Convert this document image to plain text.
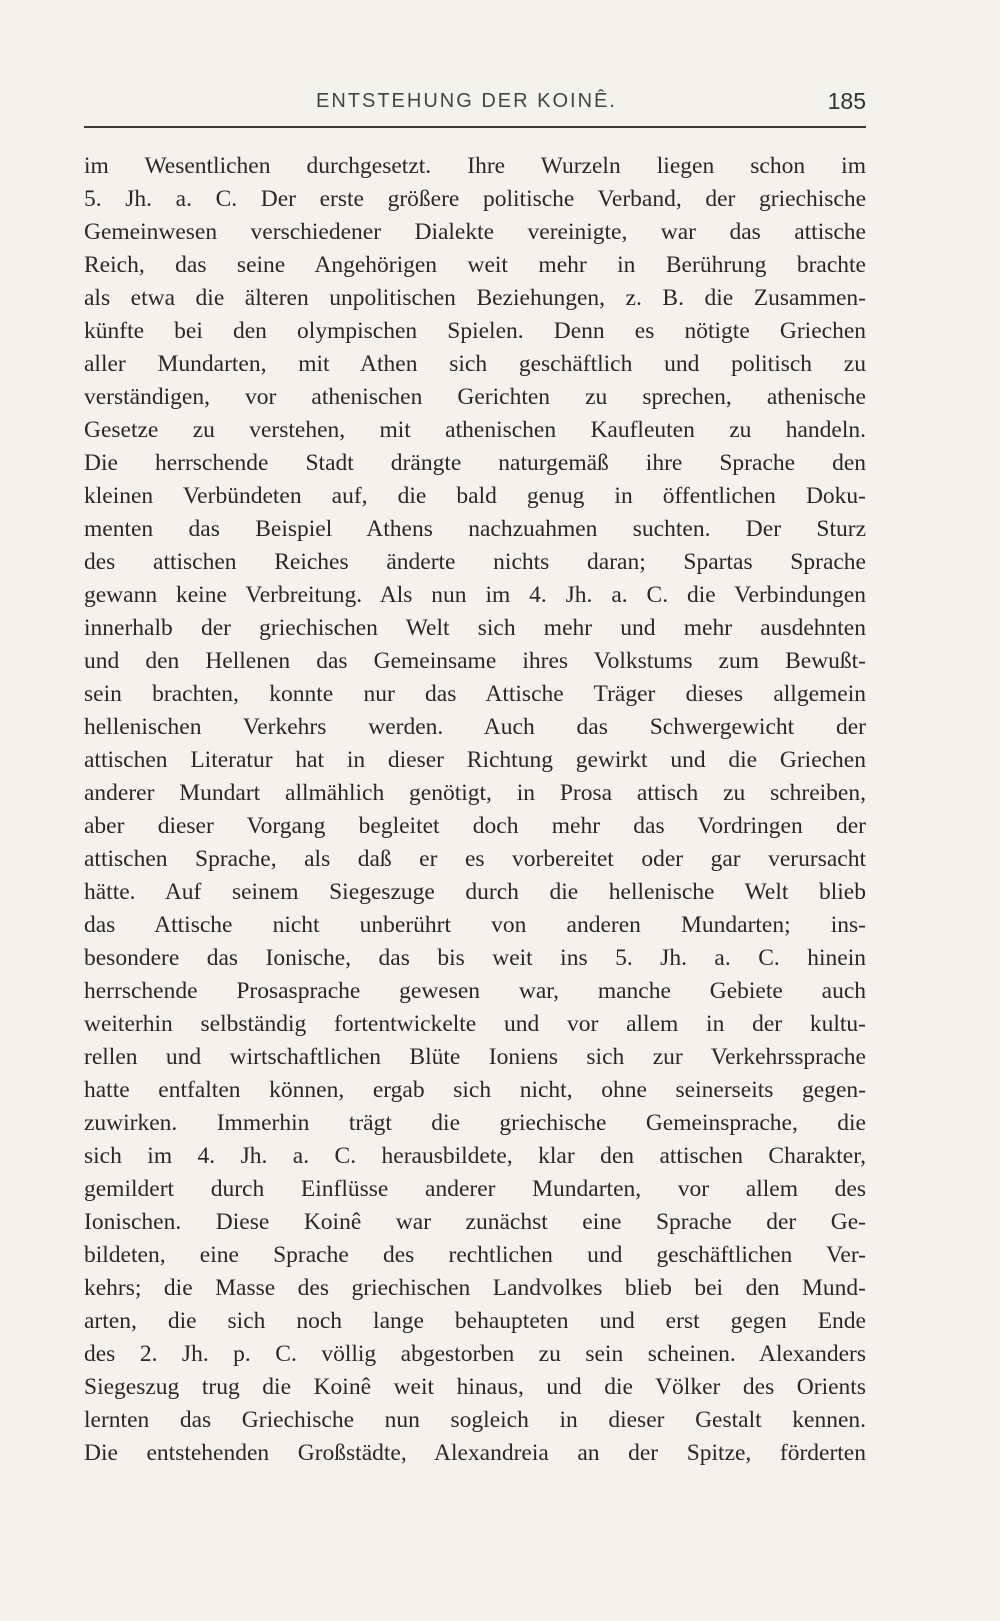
ENTSTEHUNG DER KOINÊ.	185
im Wesentlichen durchgesetzt. Ihre Wurzeln liegen schon im
5. Jh. a. C. Der erste größere politische Verband, der griechische
Gemeinwesen verschiedener Dialekte vereinigte, war das attische
Reich, das seine Angehörigen weit mehr in Berührung brachte
als etwa die älteren unpolitischen Beziehungen, z. B. die Zusammen-
künfte bei den olympischen Spielen. Denn es nötigte Griechen
aller Mundarten, mit Athen sich geschäftlich und politisch zu
verständigen, vor athenischen Gerichten zu sprechen, athenische
Gesetze zu verstehen, mit athenischen Kaufleuten zu handeln.
Die herrschende Stadt drängte naturgemäß ihre Sprache den
kleinen Verbündeten auf, die bald genug in öffentlichen Doku-
menten das Beispiel Athens nachzuahmen suchten. Der Sturz
des attischen Reiches änderte nichts daran; Spartas Sprache
gewann keine Verbreitung. Als nun im 4. Jh. a. C. die Verbindungen
innerhalb der griechischen Welt sich mehr und mehr ausdehnten
und den Hellenen das Gemeinsame ihres Volkstums zum Bewußt-
sein brachten, konnte nur das Attische Träger dieses allgemein
hellenischen Verkehrs werden. Auch das Schwergewicht der
attischen Literatur hat in dieser Richtung gewirkt und die Griechen
anderer Mundart allmählich genötigt, in Prosa attisch zu schreiben,
aber dieser Vorgang begleitet doch mehr das Vordringen der
attischen Sprache, als daß er es vorbereitet oder gar verursacht
hätte. Auf seinem Siegeszuge durch die hellenische Welt blieb
das Attische nicht unberührt von anderen Mundarten; ins-
besondere das Ionische, das bis weit ins 5. Jh. a. C. hinein
herrschende Prosasprache gewesen war, manche Gebiete auch
weiterhin selbständig fortentwickelte und vor allem in der kultu-
rellen und wirtschaftlichen Blüte Ioniens sich zur Verkehrssprache
hatte entfalten können, ergab sich nicht, ohne seinerseits gegen-
zuwirken. Immerhin trägt die griechische Gemeinsprache, die
sich im 4. Jh. a. C. herausbildete, klar den attischen Charakter,
gemildert durch Einflüsse anderer Mundarten, vor allem des
Ionischen. Diese Koinê war zunächst eine Sprache der Ge-
bildeten, eine Sprache des rechtlichen und geschäftlichen Ver-
kehrs; die Masse des griechischen Landvolkes blieb bei den Mund-
arten, die sich noch lange behaupteten und erst gegen Ende
des 2. Jh. p. C. völlig abgestorben zu sein scheinen. Alexanders
Siegeszug trug die Koinê weit hinaus, und die Völker des Orients
lernten das Griechische nun sogleich in dieser Gestalt kennen.
Die entstehenden Großstädte, Alexandreia an der Spitze, förderten
